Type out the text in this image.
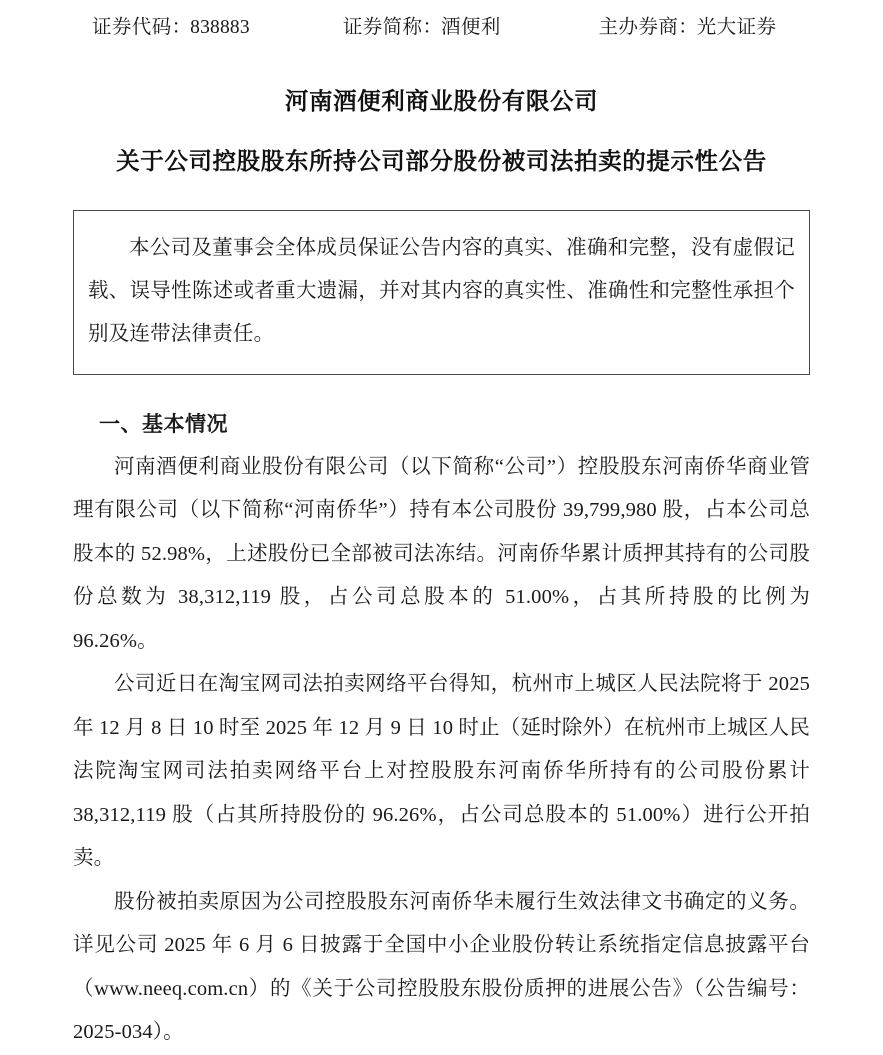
证券代码：838883	证券简称：酒便利	主办券商：光大证券
河南酒便利商业股份有限公司
关于公司控股股东所持公司部分股份被司法拍卖的提示性公告

本公司及董事会全体成员保证公告内容的真实、准确和完整，没有虚假记载、误导性陈述或者重大遗漏，并对其内容的真实性、准确性和完整性承担个别及连带法律责任。

一、基本情况

河南酒便利商业股份有限公司（以下简称“公司”）控股股东河南侨华商业管理有限公司（以下简称“河南侨华”）持有本公司股份 39,799,980 股，占本公司总股本的 52.98%，上述股份已全部被司法冻结。河南侨华累计质押其持有的公司股份总数为 38,312,119 股，占公司总股本的 51.00%，占其所持股的比例为 96.26%。

公司近日在淘宝网司法拍卖网络平台得知，杭州市上城区人民法院将于 2025 年 12 月 8 日 10 时至 2025 年 12 月 9 日 10 时止（延时除外）在杭州市上城区人民法院淘宝网司法拍卖网络平台上对控股股东河南侨华所持有的公司股份累计 38,312,119 股（占其所持股份的 96.26%，占公司总股本的 51.00%）进行公开拍卖。

股份被拍卖原因为公司控股股东河南侨华未履行生效法律文书确定的义务。详见公司 2025 年 6 月 6 日披露于全国中小企业股份转让系统指定信息披露平台（www.neeq.com.cn）的《关于公司控股股东股份质押的进展公告》（公告编号：2025-034）。
